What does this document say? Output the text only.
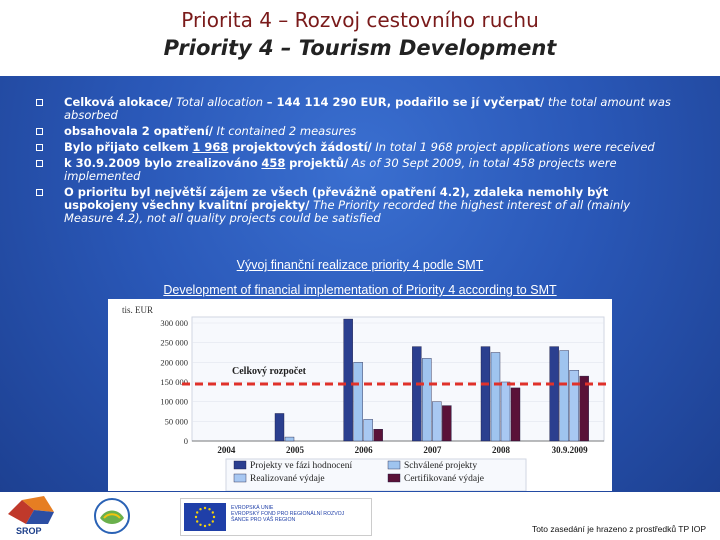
Priorita 4 – Rozvoj cestovního ruchu
Priority 4 – Tourism Development
Celková alokace/ Total allocation – 144 114 290 EUR, podařilo se jí vyčerpat/ the total amount was absorbed
obsahovala 2 opatření/ It contained 2 measures
Bylo přijato celkem 1 968 projektových žádostí/ In total 1 968 project applications were received
k 30.9.2009 bylo zrealizováno 458 projektů/ As of 30 Sept 2009, in total 458 projects were implemented
O prioritu byl největší zájem ze všech (převážně opatření 4.2), zdaleka nemohly být uspokojeny všechny kvalitní projekty/ The Priority recorded the highest interest of all (mainly Measure 4.2), not all quality projects could be satisfied
Vývoj finanční realizace priority 4 podle SMT
Development of financial implementation of Priority 4 according to SMT
tis. EUR
0
50 000
100 000
150 000
200 000
250 000
300 000
2004	2005	2006	2007	2008	30.9.2009
Celkový rozpočet
Projekty ve fázi hodnocení	Schválené projekty
Realizované výdaje	Certifikované výdaje
SROP
EVROPSKÁ UNIE
EVROPSKÝ FOND PRO REGIONÁLNÍ ROZVOJ
ŠANCE PRO VÁŠ REGION
Toto zasedání je hrazeno z prostředků TP IOP
